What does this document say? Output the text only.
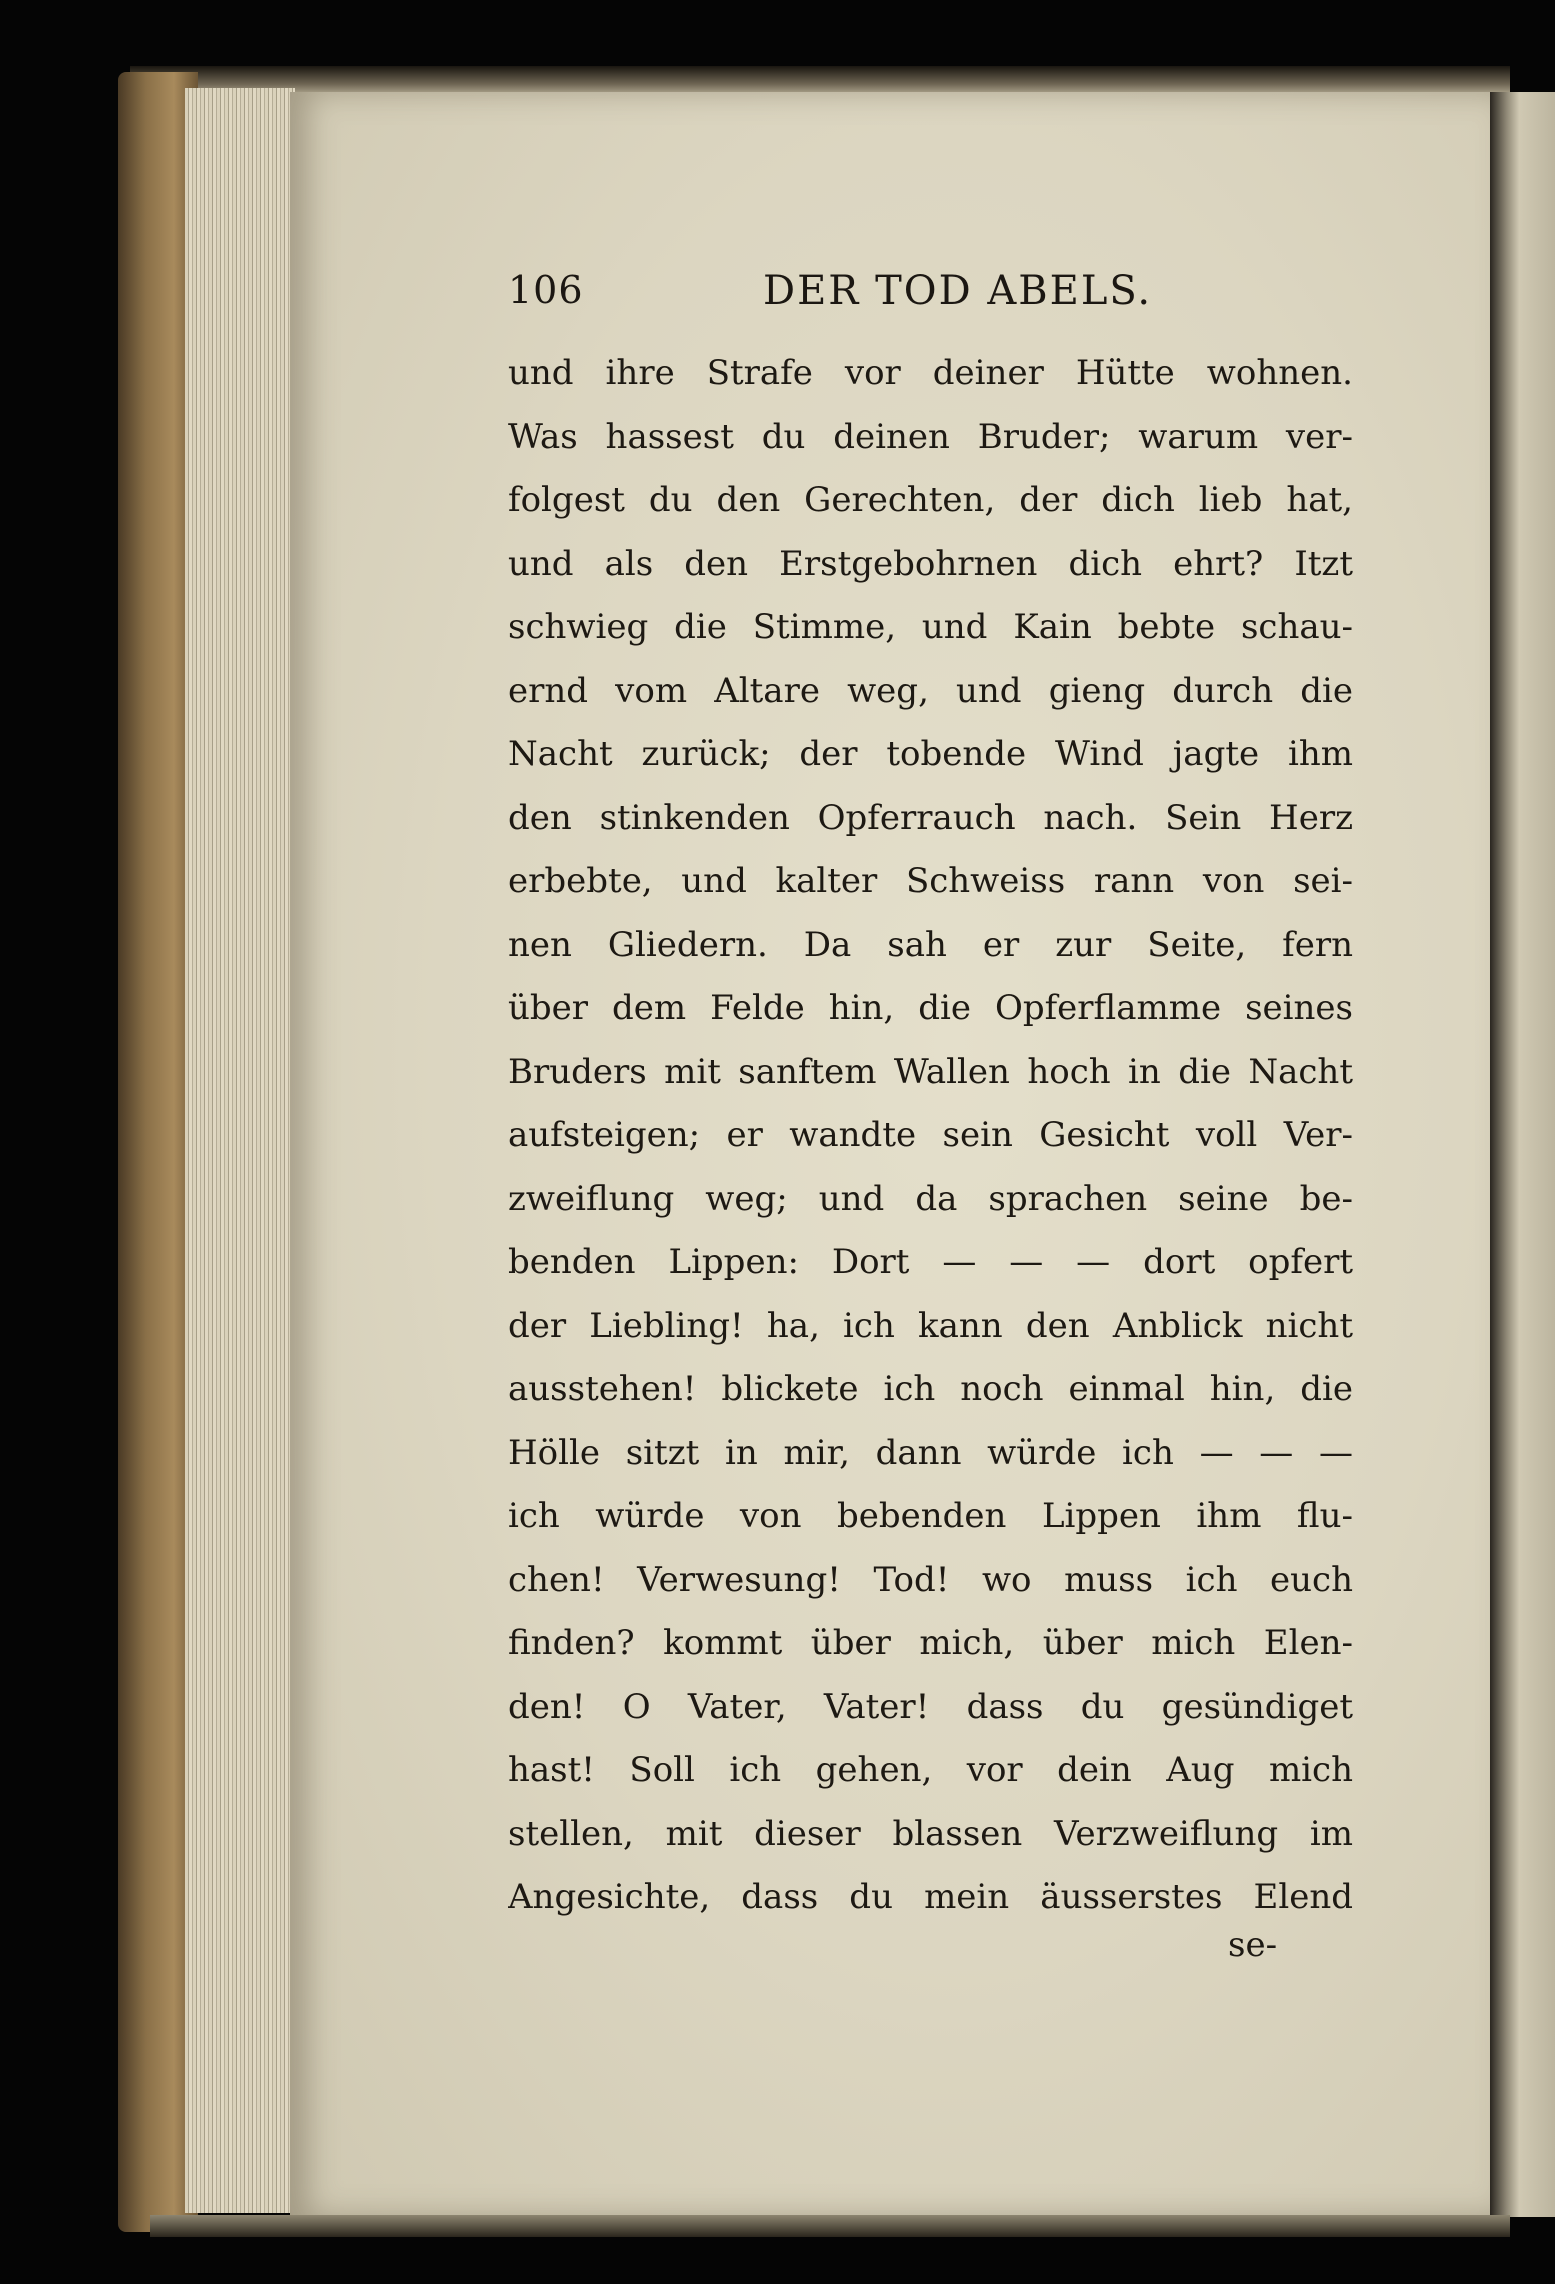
106	DER TOD ABELS.
und ihre Strafe vor deiner Hütte wohnen.
Was hassest du deinen Bruder; warum ver-
folgest du den Gerechten, der dich lieb hat,
und als den Erstgebohrnen dich ehrt? Itzt
schwieg die Stimme, und Kain bebte schau-
ernd vom Altare weg, und gieng durch die
Nacht zurück; der tobende Wind jagte ihm
den stinkenden Opferrauch nach. Sein Herz
erbebte, und kalter Schweiss rann von sei-
nen Gliedern. Da sah er zur Seite, fern
über dem Felde hin, die Opferflamme seines
Bruders mit sanftem Wallen hoch in die Nacht
aufsteigen; er wandte sein Gesicht voll Ver-
zweiflung weg; und da sprachen seine be-
benden Lippen: Dort — — — dort opfert
der Liebling! ha, ich kann den Anblick nicht
ausstehen! blickete ich noch einmal hin, die
Hölle sitzt in mir, dann würde ich — — —
ich würde von bebenden Lippen ihm flu-
chen! Verwesung! Tod! wo muss ich euch
finden? kommt über mich, über mich Elen-
den! O Vater, Vater! dass du gesündiget
hast! Soll ich gehen, vor dein Aug mich
stellen, mit dieser blassen Verzweiflung im
Angesichte, dass du mein äusserstes Elend
se-
